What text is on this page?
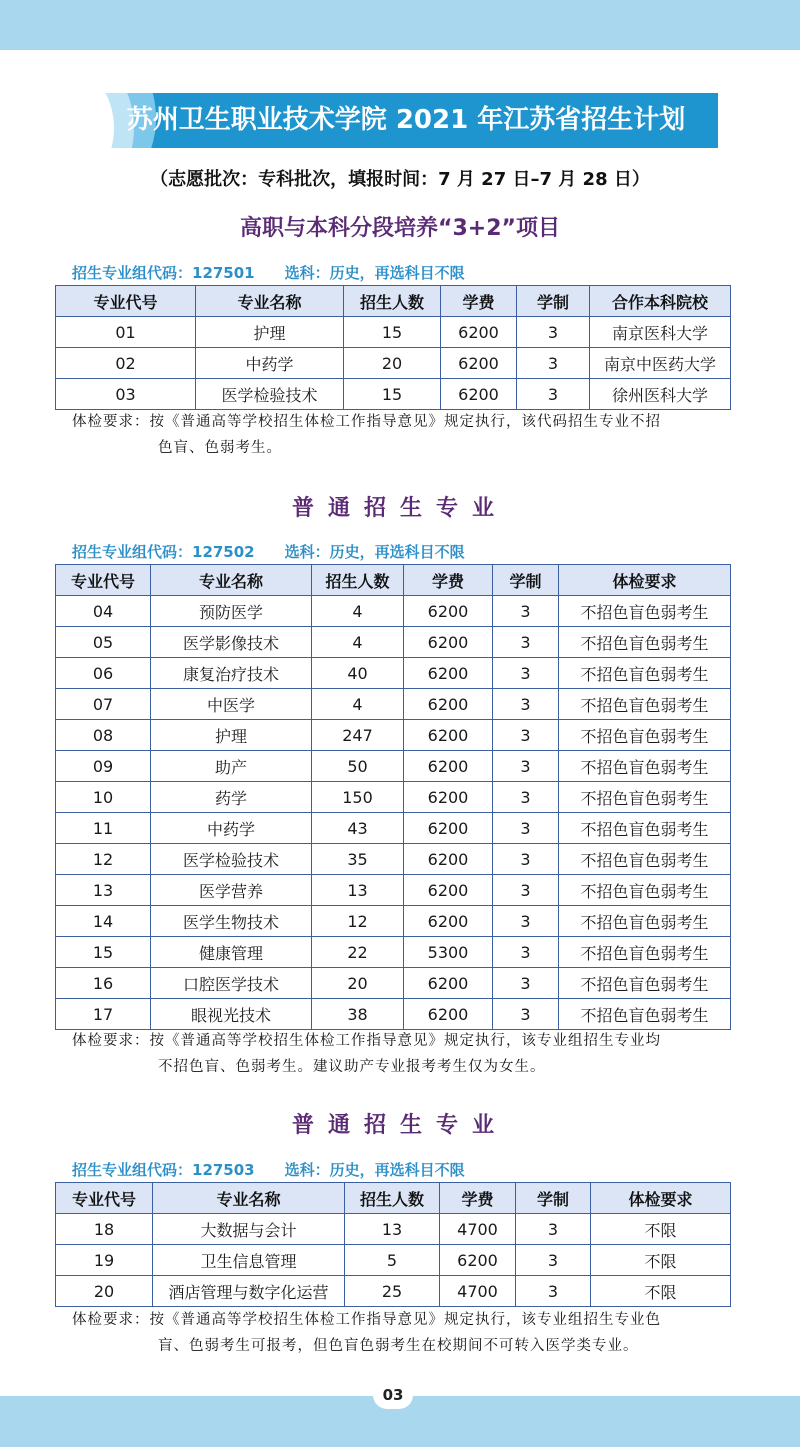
苏州卫生职业技术学院 2021 年江苏省招生计划
（志愿批次：专科批次，填报时间：7 月 27 日–7 月 28 日）
高职与本科分段培养“3+2”项目
招生专业组代码：127501 选科：历史，再选科目不限
专业代号	专业名称	招生人数	学费	学制	合作本科院校
01	护理	15	6200	3	南京医科大学
02	中药学	20	6200	3	南京中医药大学
03	医学检验技术	15	6200	3	徐州医科大学
体检要求：按《普通高等学校招生体检工作指导意见》规定执行，该代码招生专业不招
色盲、色弱考生。
普通招生专业
招生专业组代码：127502 选科：历史，再选科目不限
专业代号	专业名称	招生人数	学费	学制	体检要求
04	预防医学	4	6200	3	不招色盲色弱考生
05	医学影像技术	4	6200	3	不招色盲色弱考生
06	康复治疗技术	40	6200	3	不招色盲色弱考生
07	中医学	4	6200	3	不招色盲色弱考生
08	护理	247	6200	3	不招色盲色弱考生
09	助产	50	6200	3	不招色盲色弱考生
10	药学	150	6200	3	不招色盲色弱考生
11	中药学	43	6200	3	不招色盲色弱考生
12	医学检验技术	35	6200	3	不招色盲色弱考生
13	医学营养	13	6200	3	不招色盲色弱考生
14	医学生物技术	12	6200	3	不招色盲色弱考生
15	健康管理	22	5300	3	不招色盲色弱考生
16	口腔医学技术	20	6200	3	不招色盲色弱考生
17	眼视光技术	38	6200	3	不招色盲色弱考生
体检要求：按《普通高等学校招生体检工作指导意见》规定执行，该专业组招生专业均
不招色盲、色弱考生。建议助产专业报考考生仅为女生。
普通招生专业
招生专业组代码：127503 选科：历史，再选科目不限
专业代号	专业名称	招生人数	学费	学制	体检要求
18	大数据与会计	13	4700	3	不限
19	卫生信息管理	5	6200	3	不限
20	酒店管理与数字化运营	25	4700	3	不限
体检要求：按《普通高等学校招生体检工作指导意见》规定执行，该专业组招生专业色
盲、色弱考生可报考，但色盲色弱考生在校期间不可转入医学类专业。
03
